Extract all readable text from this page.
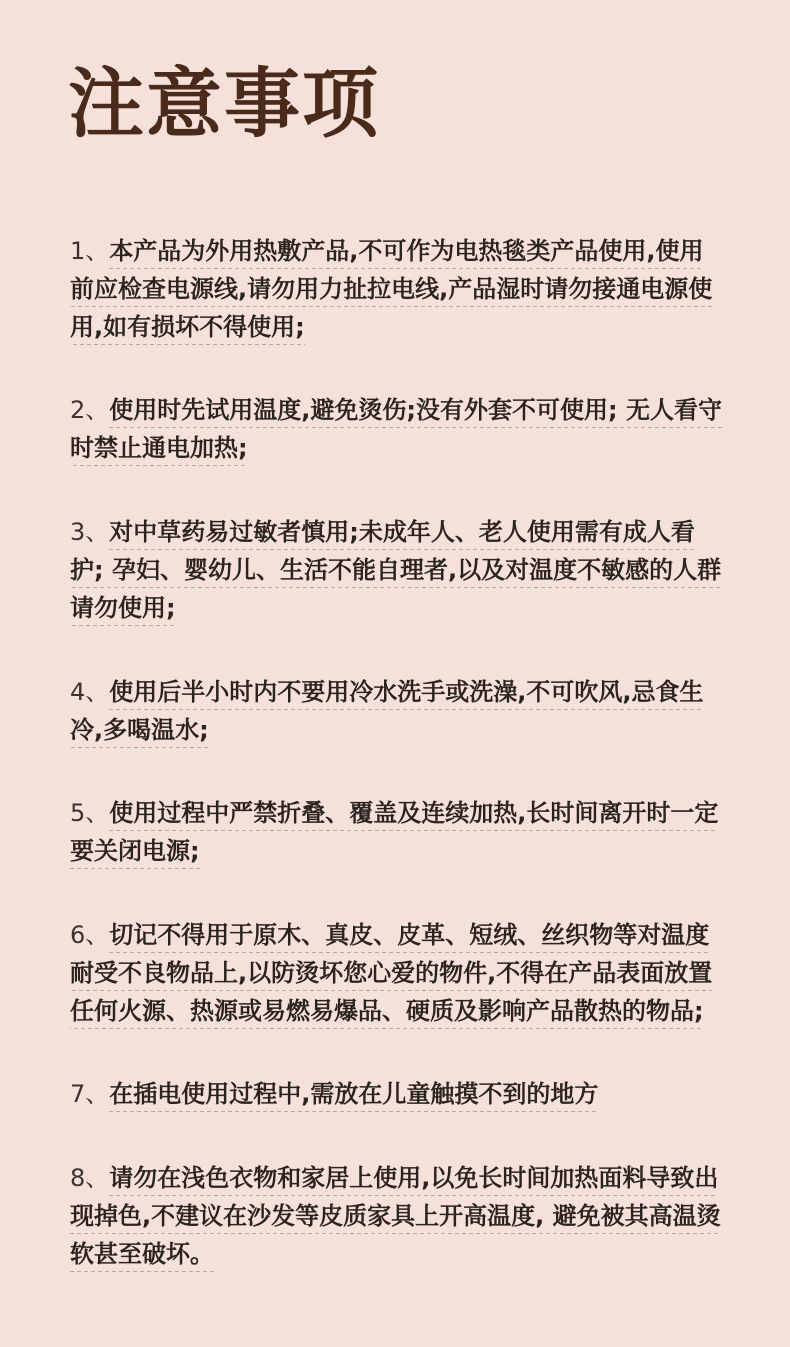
注意事项

1、本产品为外用热敷产品,不可作为电热毯类产品使用,使用前应检查电源线,请勿用力扯拉电线,产品湿时请勿接通电源使用,如有损坏不得使用;

2、使用时先试用温度,避免烫伤;没有外套不可使用; 无人看守时禁止通电加热;

3、对中草药易过敏者慎用;未成年人、老人使用需有成人看护; 孕妇、婴幼儿、生活不能自理者,以及对温度不敏感的人群请勿使用;

4、使用后半小时内不要用冷水洗手或洗澡,不可吹风,忌食生冷,多喝温水;

5、使用过程中严禁折叠、覆盖及连续加热,长时间离开时一定要关闭电源;

6、切记不得用于原木、真皮、皮革、短绒、丝织物等对温度耐受不良物品上,以防烫坏您心爱的物件,不得在产品表面放置任何火源、热源或易燃易爆品、硬质及影响产品散热的物品;

7、在插电使用过程中,需放在儿童触摸不到的地方

8、请勿在浅色衣物和家居上使用,以免长时间加热面料导致出现掉色,不建议在沙发等皮质家具上开高温度, 避免被其高温烫软甚至破坏。
